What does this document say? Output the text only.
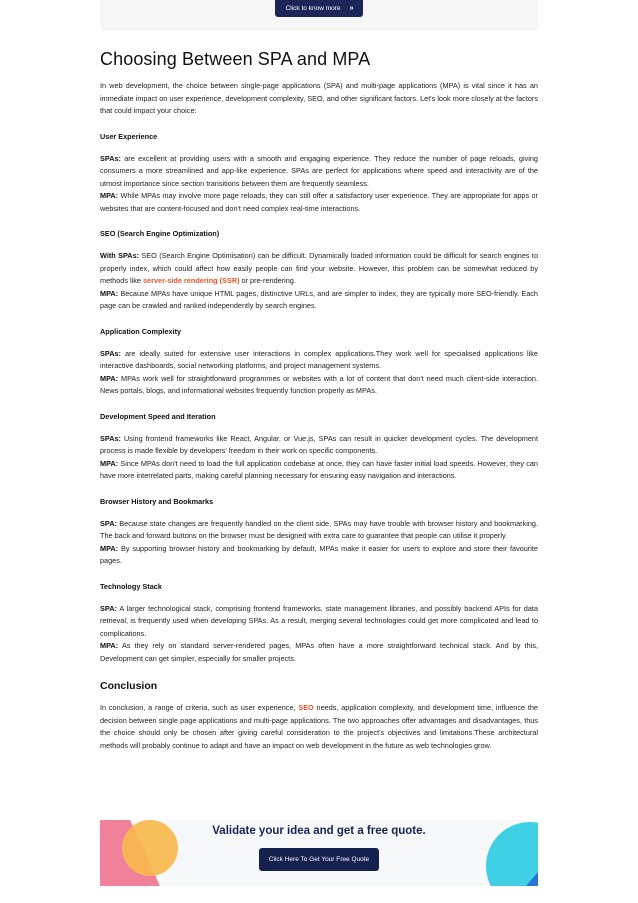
Click to know more »
Choosing Between SPA and MPA

In web development, the choice between single-page applications (SPA) and multi-page applications (MPA) is vital since it has an immediate impact on user experience, development complexity, SEO, and other significant factors. Let's look more closely at the factors that could impact your choice:

User Experience

SPAs: are excellent at providing users with a smooth and engaging experience. They reduce the number of page reloads, giving consumers a more streamlined and app-like experience. SPAs are perfect for applications where speed and interactivity are of the utmost importance since section transitions between them are frequently seamless.

MPA: While MPAs may involve more page reloads, they can still offer a satisfactory user experience. They are appropriate for apps or websites that are content-focused and don't need complex real-time interactions.

SEO (Search Engine Optimization)

With SPAs: SEO (Search Engine Optimisation) can be difficult. Dynamically loaded information could be difficult for search engines to properly index, which could affect how easily people can find your website. However, this problem can be somewhat reduced by methods like server-side rendering (SSR) or pre-rendering.

MPA: Because MPAs have unique HTML pages, distinctive URLs, and are simpler to index, they are typically more SEO-friendly. Each page can be crawled and ranked independently by search engines.

Application Complexity

SPAs: are ideally suited for extensive user interactions in complex applications.They work well for specialised applications like interactive dashboards, social networking platforms, and project management systems.

MPA: MPAs work well for straightforward programmes or websites with a lot of content that don't need much client-side interaction. News portals, blogs, and informational websites frequently function properly as MPAs.

Development Speed and Iteration

SPAs: Using frontend frameworks like React, Angular, or Vue.js, SPAs can result in quicker development cycles. The development process is made flexible by developers' freedom in their work on specific components.

MPA: Since MPAs don't need to load the full application codebase at once, they can have faster initial load speeds. However, they can have more interrelated parts, making careful planning necessary for ensuring easy navigation and interactions.

Browser History and Bookmarks

SPA: Because state changes are frequently handled on the client side, SPAs may have trouble with browser history and bookmarking. The back and forward buttons on the browser must be designed with extra care to guarantee that people can utilise it properly.

MPA: By supporting browser history and bookmarking by default, MPAs make it easier for users to explore and store their favourite pages.

Technology Stack

SPA: A larger technological stack, comprising frontend frameworks, state management libraries, and possibly backend APIs for data retrieval, is frequently used when developing SPAs. As a result, merging several technologies could get more complicated and lead to complications.

MPA: As they rely on standard server-rendered pages, MPAs often have a more straightforward technical stack. And by this, Development can get simpler, especially for smaller projects.

Conclusion

In conclusion, a range of criteria, such as user experience, SEO needs, application complexity, and development time, influence the decision between single page applications and multi-page applications. The two approaches offer advantages and disadvantages, thus the choice should only be chosen after giving careful consideration to the project's objectives and limitations.These architectural methods will probably continue to adapt and have an impact on web development in the future as web technologies grow.

Validate your idea and get a free quote.
Click Here To Get Your Free Quote
